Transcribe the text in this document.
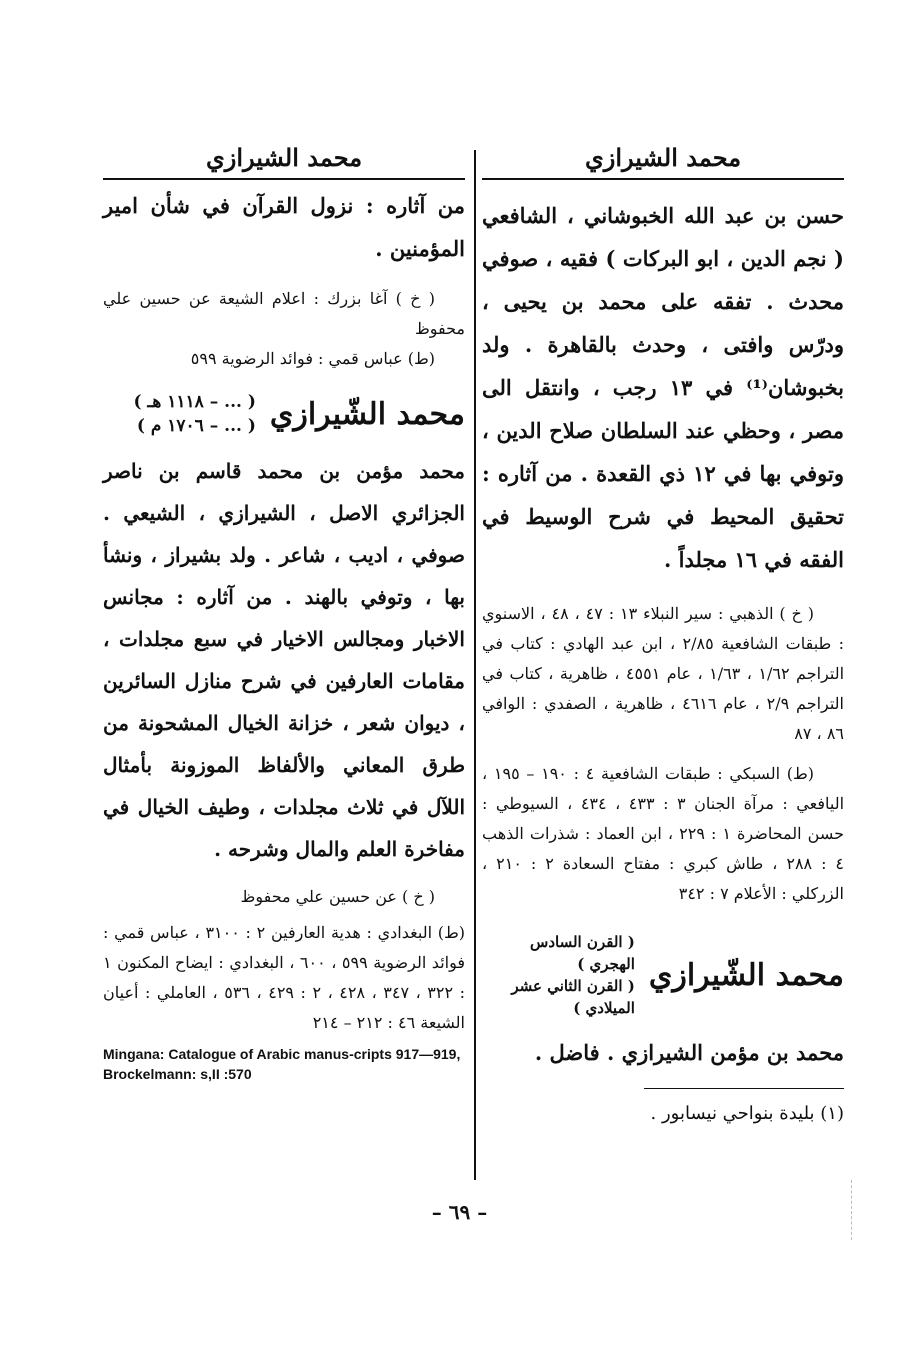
محمد الشيرازي

حسن بن عبد الله الخبوشاني ، الشافعي ( نجم الدين ، ابو البركات ) فقيه ، صوفي محدث . تفقه على محمد بن يحيى ، ودرّس وافتى ، وحدث بالقاهرة . ولد بخبوشان⁽¹⁾ في ١٣ رجب ، وانتقل الى مصر ، وحظي عند السلطان صلاح الدين ، وتوفي بها في ١٢ ذي القعدة . من آثاره : تحقيق المحيط في شرح الوسيط في الفقه في ١٦ مجلداً .

( خ ) الذهبي : سير النبلاء ١٣ : ٤٧ ، ٤٨ ، الاسنوي : طبقات الشافعية ٢/٨٥ ، ابن عبد الهادي : كتاب في التراجم ١/٦٢ ، ١/٦٣ ، عام ٤٥٥١ ، ظاهرية ، كتاب في التراجم ٢/٩ ، عام ٤٦١٦ ، ظاهرية ، الصفدي : الوافي ٨٦ ، ٨٧

(ط) السبكي : طبقات الشافعية ٤ : ١٩٠ – ١٩٥ ، اليافعي : مرآة الجنان ٣ : ٤٣٣ ، ٤٣٤ ، السيوطي : حسن المحاضرة ١ : ٢٢٩ ، ابن العماد : شذرات الذهب ٤ : ٢٨٨ ، طاش كبري : مفتاح السعادة ٢ : ٢١٠ ، الزركلي : الأعلام ٧ : ٣٤٢

محمد الشّيرازي
( القرن السادس الهجري )
( القرن الثاني عشر الميلادي )

محمد بن مؤمن الشيرازي . فاضل .

(١) بليدة بنواحي نيسابور .

محمد الشيرازي

من آثاره : نزول القرآن في شأن امير المؤمنين .

( خ ) آغا بزرك : اعلام الشيعة عن حسين علي محفوظ

(ط) عباس قمي : فوائد الرضوية ٥٩٩

محمد الشّيرازي
( ... – ١١١٨ هـ )
( ... – ١٧٠٦ م )

محمد مؤمن بن محمد قاسم بن ناصر الجزائري الاصل ، الشيرازي ، الشيعي . صوفي ، اديب ، شاعر . ولد بشيراز ، ونشأ بها ، وتوفي بالهند . من آثاره : مجانس الاخبار ومجالس الاخيار في سبع مجلدات ، مقامات العارفين في شرح منازل السائرين ، ديوان شعر ، خزانة الخيال المشحونة من طرق المعاني والألفاظ الموزونة بأمثال اللآل في ثلاث مجلدات ، وطيف الخيال في مفاخرة العلم والمال وشرحه .

( خ ) عن حسين علي محفوظ

(ط) البغدادي : هدية العارفين ٢ : ٣١٠٠ ، عباس قمي : فوائد الرضوية ٥٩٩ ، ٦٠٠ ، البغدادي : ايضاح المكنون ١ : ٣٢٢ ، ٣٤٧ ، ٤٢٨ ، ٢ : ٤٢٩ ، ٥٣٦ ، العاملي : أعيان الشيعة ٤٦ : ٢١٢ – ٢١٤

Mingana: Catalogue of Arabic manus-cripts 917—919, Brockelmann: s,II :570

– ٦٩ –
